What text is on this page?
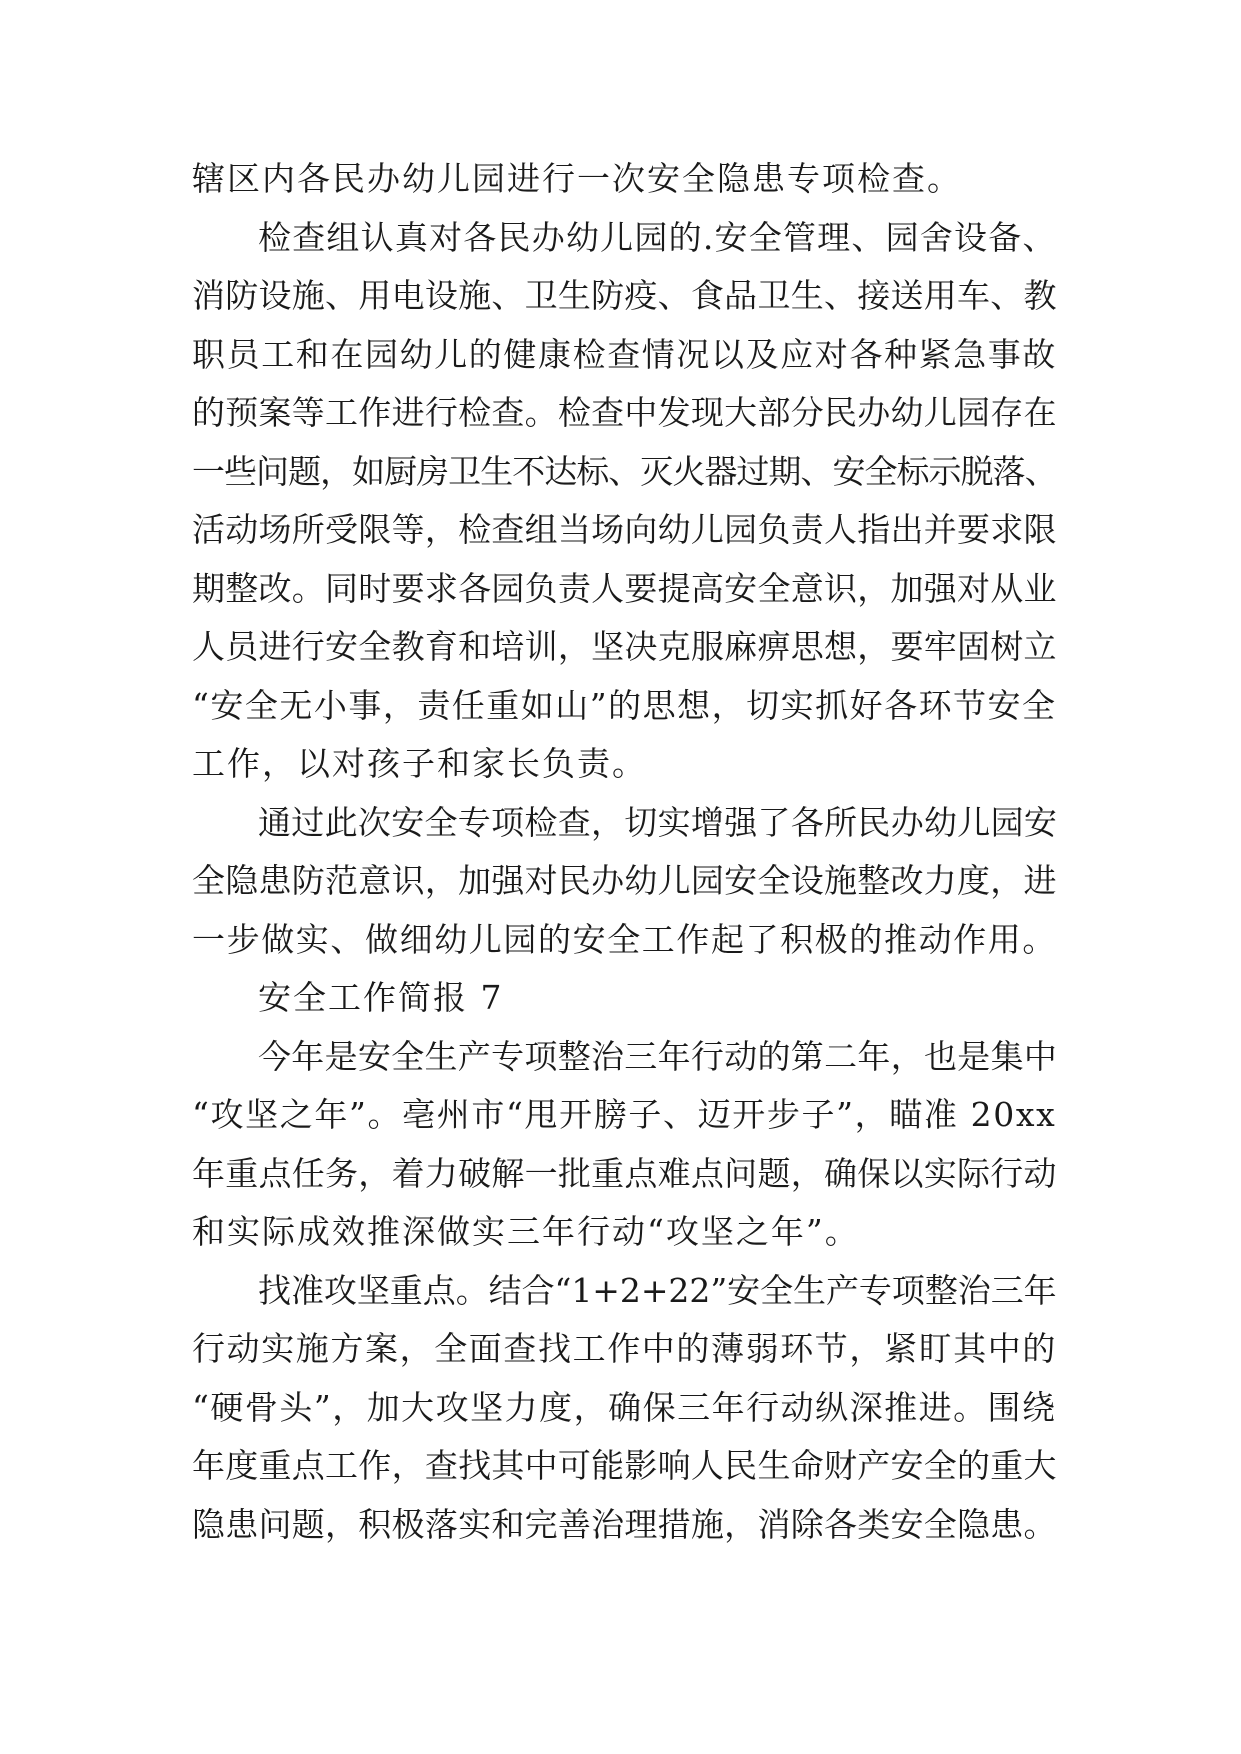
辖区内各民办幼儿园进行一次安全隐患专项检查。
检查组认真对各民办幼儿园的.安全管理、园舍设备、
消防设施、用电设施、卫生防疫、食品卫生、接送用车、教
职员工和在园幼儿的健康检查情况以及应对各种紧急事故
的预案等工作进行检查。检查中发现大部分民办幼儿园存在
一些问题，如厨房卫生不达标、灭火器过期、安全标示脱落、
活动场所受限等，检查组当场向幼儿园负责人指出并要求限
期整改。同时要求各园负责人要提高安全意识，加强对从业
人员进行安全教育和培训，坚决克服麻痹思想，要牢固树立
“安全无小事，责任重如山”的思想，切实抓好各环节安全
工作，以对孩子和家长负责。
通过此次安全专项检查，切实增强了各所民办幼儿园安
全隐患防范意识，加强对民办幼儿园安全设施整改力度，进
一步做实、做细幼儿园的安全工作起了积极的推动作用。
安全工作简报 7
今年是安全生产专项整治三年行动的第二年，也是集中
“攻坚之年”。亳州市“甩开膀子、迈开步子”，瞄准 20xx
年重点任务，着力破解一批重点难点问题，确保以实际行动
和实际成效推深做实三年行动“攻坚之年”。
找准攻坚重点。结合“1+2+22”安全生产专项整治三年
行动实施方案，全面查找工作中的薄弱环节，紧盯其中的
“硬骨头”，加大攻坚力度，确保三年行动纵深推进。围绕
年度重点工作，查找其中可能影响人民生命财产安全的重大
隐患问题，积极落实和完善治理措施，消除各类安全隐患。
